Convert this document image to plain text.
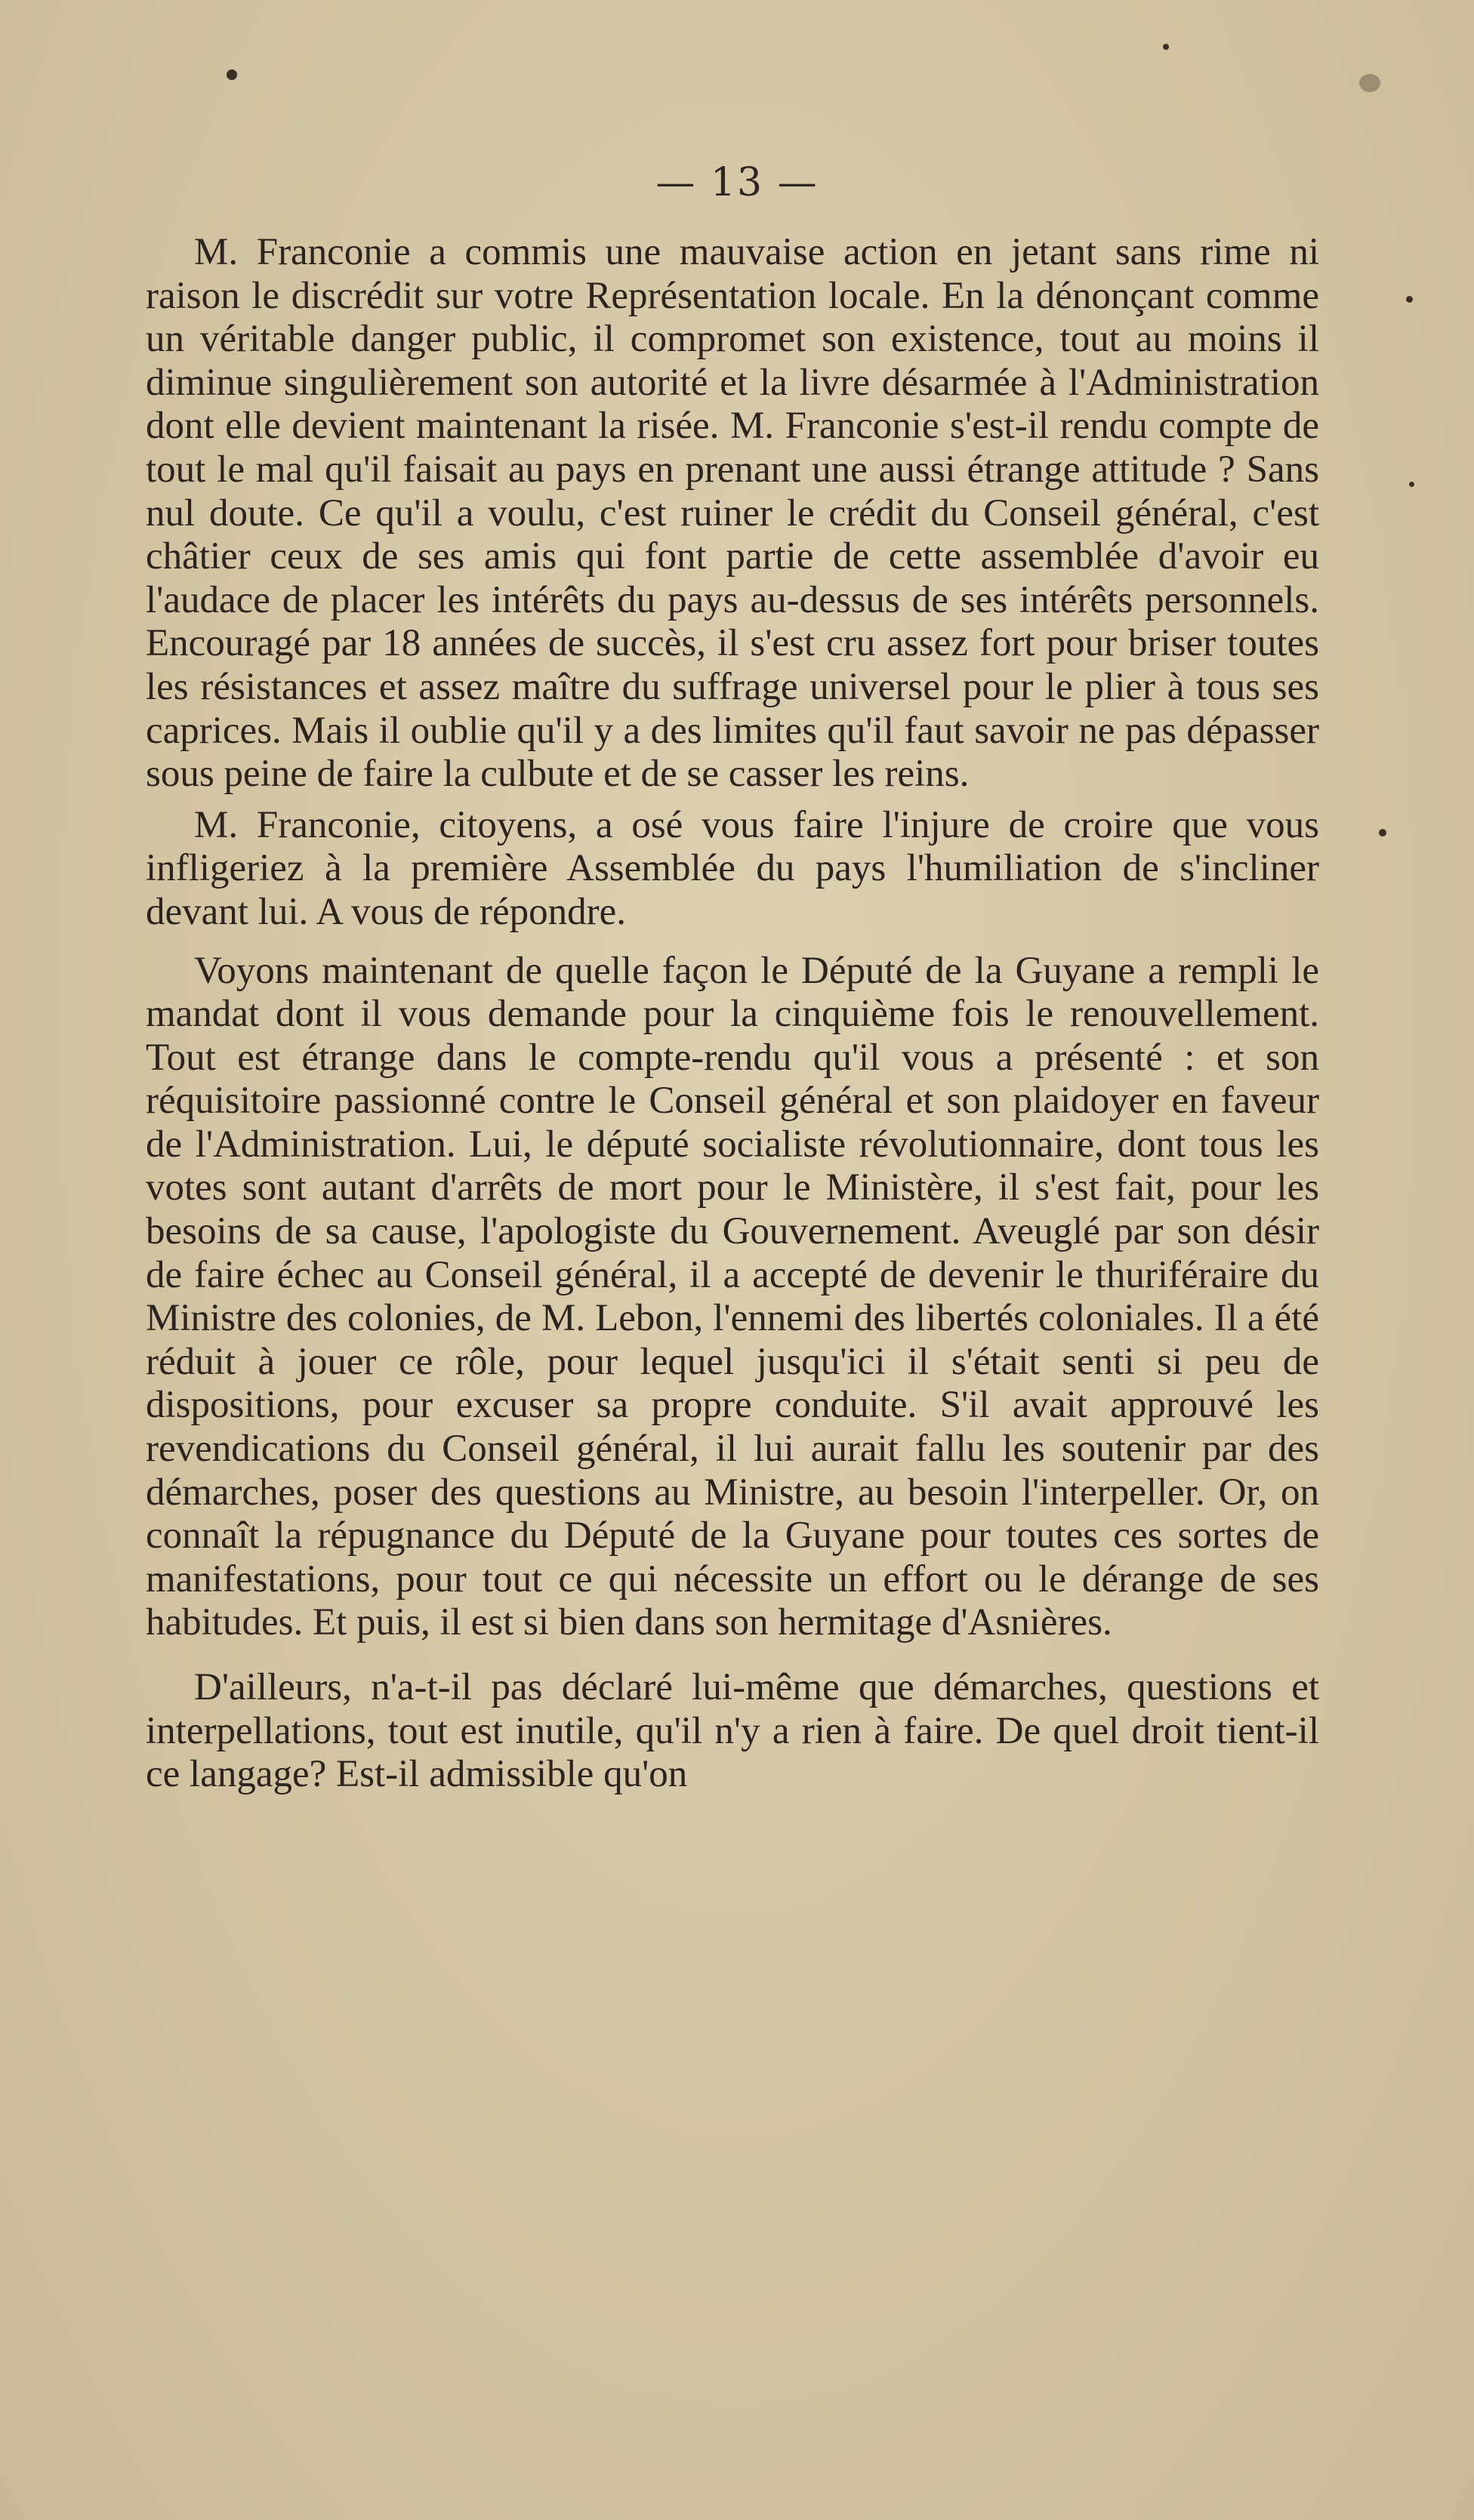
— 13 —

M. Franconie a commis une mauvaise action en jetant sans rime ni raison le discrédit sur votre Représentation locale. En la dénonçant comme un véritable danger public, il compromet son existence, tout au moins il diminue singulièrement son autorité et la livre désarmée à l'Administration dont elle devient maintenant la risée. M. Franconie s'est-il rendu compte de tout le mal qu'il faisait au pays en prenant une aussi étrange attitude ? Sans nul doute. Ce qu'il a voulu, c'est ruiner le crédit du Conseil général, c'est châtier ceux de ses amis qui font partie de cette assemblée d'avoir eu l'audace de placer les intérêts du pays au-dessus de ses intérêts personnels. Encouragé par 18 années de succès, il s'est cru assez fort pour briser toutes les résistances et assez maître du suffrage universel pour le plier à tous ses caprices. Mais il oublie qu'il y a des limites qu'il faut savoir ne pas dépasser sous peine de faire la culbute et de se casser les reins.

M. Franconie, citoyens, a osé vous faire l'injure de croire que vous infligeriez à la première Assemblée du pays l'humiliation de s'incliner devant lui. A vous de répondre.

Voyons maintenant de quelle façon le Député de la Guyane a rempli le mandat dont il vous demande pour la cinquième fois le renouvellement. Tout est étrange dans le compte-rendu qu'il vous a présenté : et son réquisitoire passionné contre le Conseil général et son plaidoyer en faveur de l'Administration. Lui, le député socialiste révolutionnaire, dont tous les votes sont autant d'arrêts de mort pour le Ministère, il s'est fait, pour les besoins de sa cause, l'apologiste du Gouvernement. Aveuglé par son désir de faire échec au Conseil général, il a accepté de devenir le thuriféraire du Ministre des colonies, de M. Lebon, l'ennemi des libertés coloniales. Il a été réduit à jouer ce rôle, pour lequel jusqu'ici il s'était senti si peu de dispositions, pour excuser sa propre conduite. S'il avait approuvé les revendications du Conseil général, il lui aurait fallu les soutenir par des démarches, poser des questions au Ministre, au besoin l'interpeller. Or, on connaît la répugnance du Député de la Guyane pour toutes ces sortes de manifestations, pour tout ce qui nécessite un effort ou le dérange de ses habitudes. Et puis, il est si bien dans son hermitage d'Asnières.

D'ailleurs, n'a-t-il pas déclaré lui-même que démarches, questions et interpellations, tout est inutile, qu'il n'y a rien à faire. De quel droit tient-il ce langage? Est-il admissible qu'on
